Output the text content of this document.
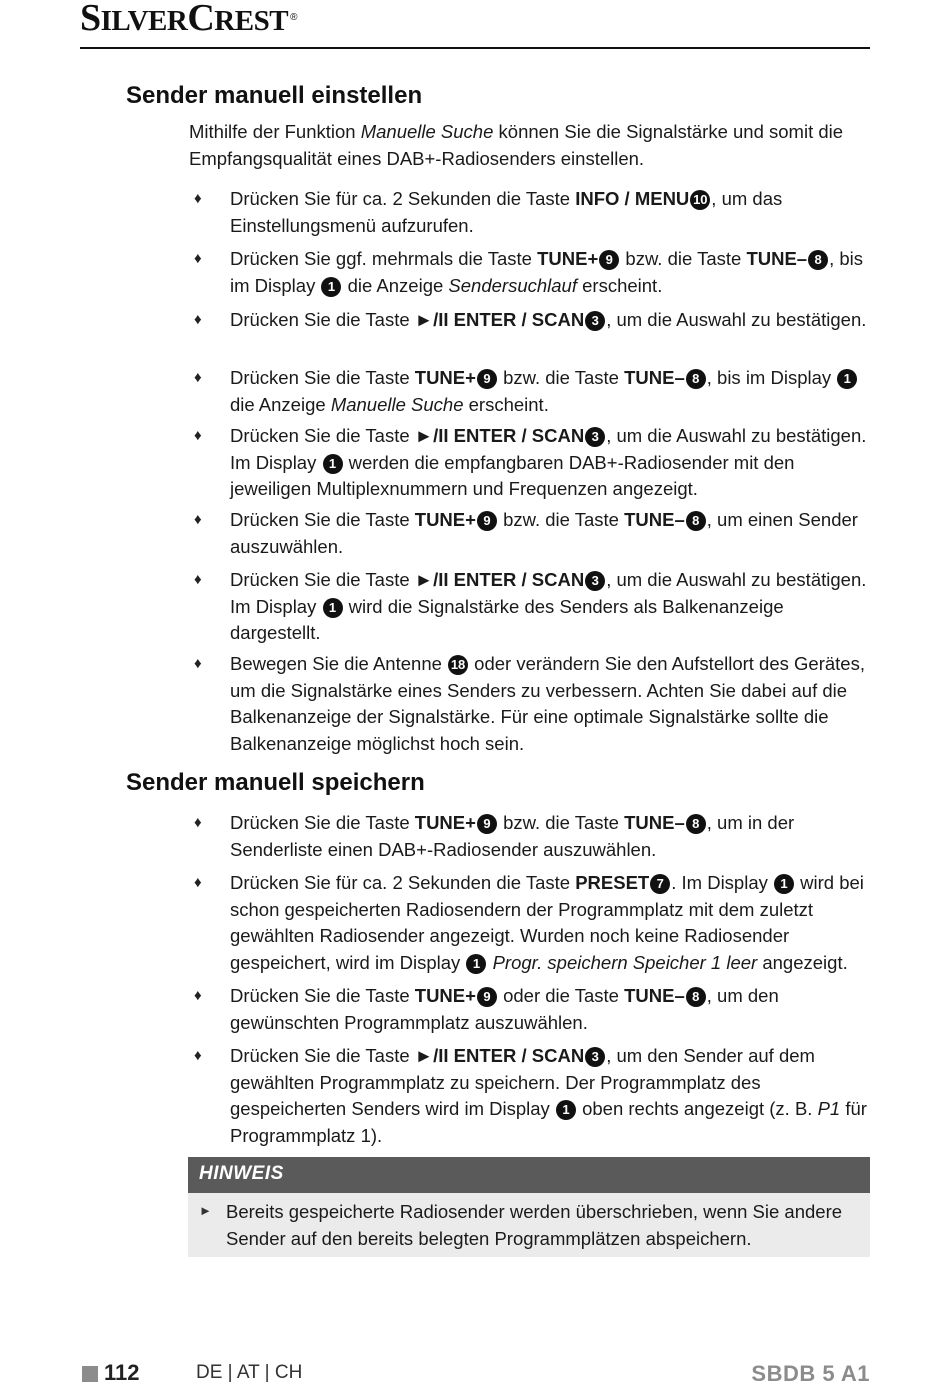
SILVERCREST ®
Sender manuell einstellen
Mithilfe der Funktion Manuelle Suche können Sie die Signalstärke und somit die Empfangsqualität eines DAB+-Radiosenders einstellen.
♦	Drücken Sie für ca. 2 Sekunden die Taste INFO / MENU 10 , um das Einstellungsmenü aufzurufen.
♦	Drücken Sie ggf. mehrmals die Taste TUNE+ 9 bzw. die Taste TUNE– 8 , bis im Display 1 die Anzeige Sendersuchlauf erscheint.
♦	Drücken Sie die Taste ►/II ENTER / SCAN 3 , um die Auswahl zu bestätigen.
♦	Drücken Sie die Taste TUNE+ 9 bzw. die Taste TUNE– 8 , bis im Display 1 die Anzeige Manuelle Suche erscheint.
♦	Drücken Sie die Taste ►/II ENTER / SCAN 3 , um die Auswahl zu bestätigen. Im Display 1 werden die empfangbaren DAB+-Radiosender mit den jeweiligen Multiplexnummern und Frequenzen angezeigt.
♦	Drücken Sie die Taste TUNE+ 9 bzw. die Taste TUNE– 8 , um einen Sender auszuwählen.
♦	Drücken Sie die Taste ►/II ENTER / SCAN 3 , um die Auswahl zu bestätigen. Im Display 1 wird die Signalstärke des Senders als Balkenanzeige dargestellt.
♦	Bewegen Sie die Antenne 18 oder verändern Sie den Aufstellort des Gerätes, um die Signalstärke eines Senders zu verbessern. Achten Sie dabei auf die Balkenanzeige der Signalstärke. Für eine optimale Signalstärke sollte die Balkenanzeige möglichst hoch sein.
Sender manuell speichern
♦	Drücken Sie die Taste TUNE+ 9 bzw. die Taste TUNE– 8 , um in der Senderliste einen DAB+-Radiosender auszuwählen.
♦	Drücken Sie für ca. 2 Sekunden die Taste PRESET 7 . Im Display 1 wird bei schon gespeicherten Radiosendern der Programmplatz mit dem zuletzt gewählten Radiosender angezeigt. Wurden noch keine Radiosender gespeichert, wird im Display 1 Progr. speichern Speicher 1 leer angezeigt.
♦	Drücken Sie die Taste TUNE+ 9 oder die Taste TUNE– 8 , um den gewünschten Programmplatz auszuwählen.
♦	Drücken Sie die Taste ►/II ENTER / SCAN 3 , um den Sender auf dem gewählten Programmplatz zu speichern. Der Programmplatz des gespeicherten Senders wird im Display 1 oben rechts angezeigt (z. B. P1 für Programmplatz 1).
HINWEIS
► Bereits gespeicherte Radiosender werden überschrieben, wenn Sie andere Sender auf den bereits belegten Programmplätzen abspeichern.
112	DE | AT | CH	SBDB 5 A1
